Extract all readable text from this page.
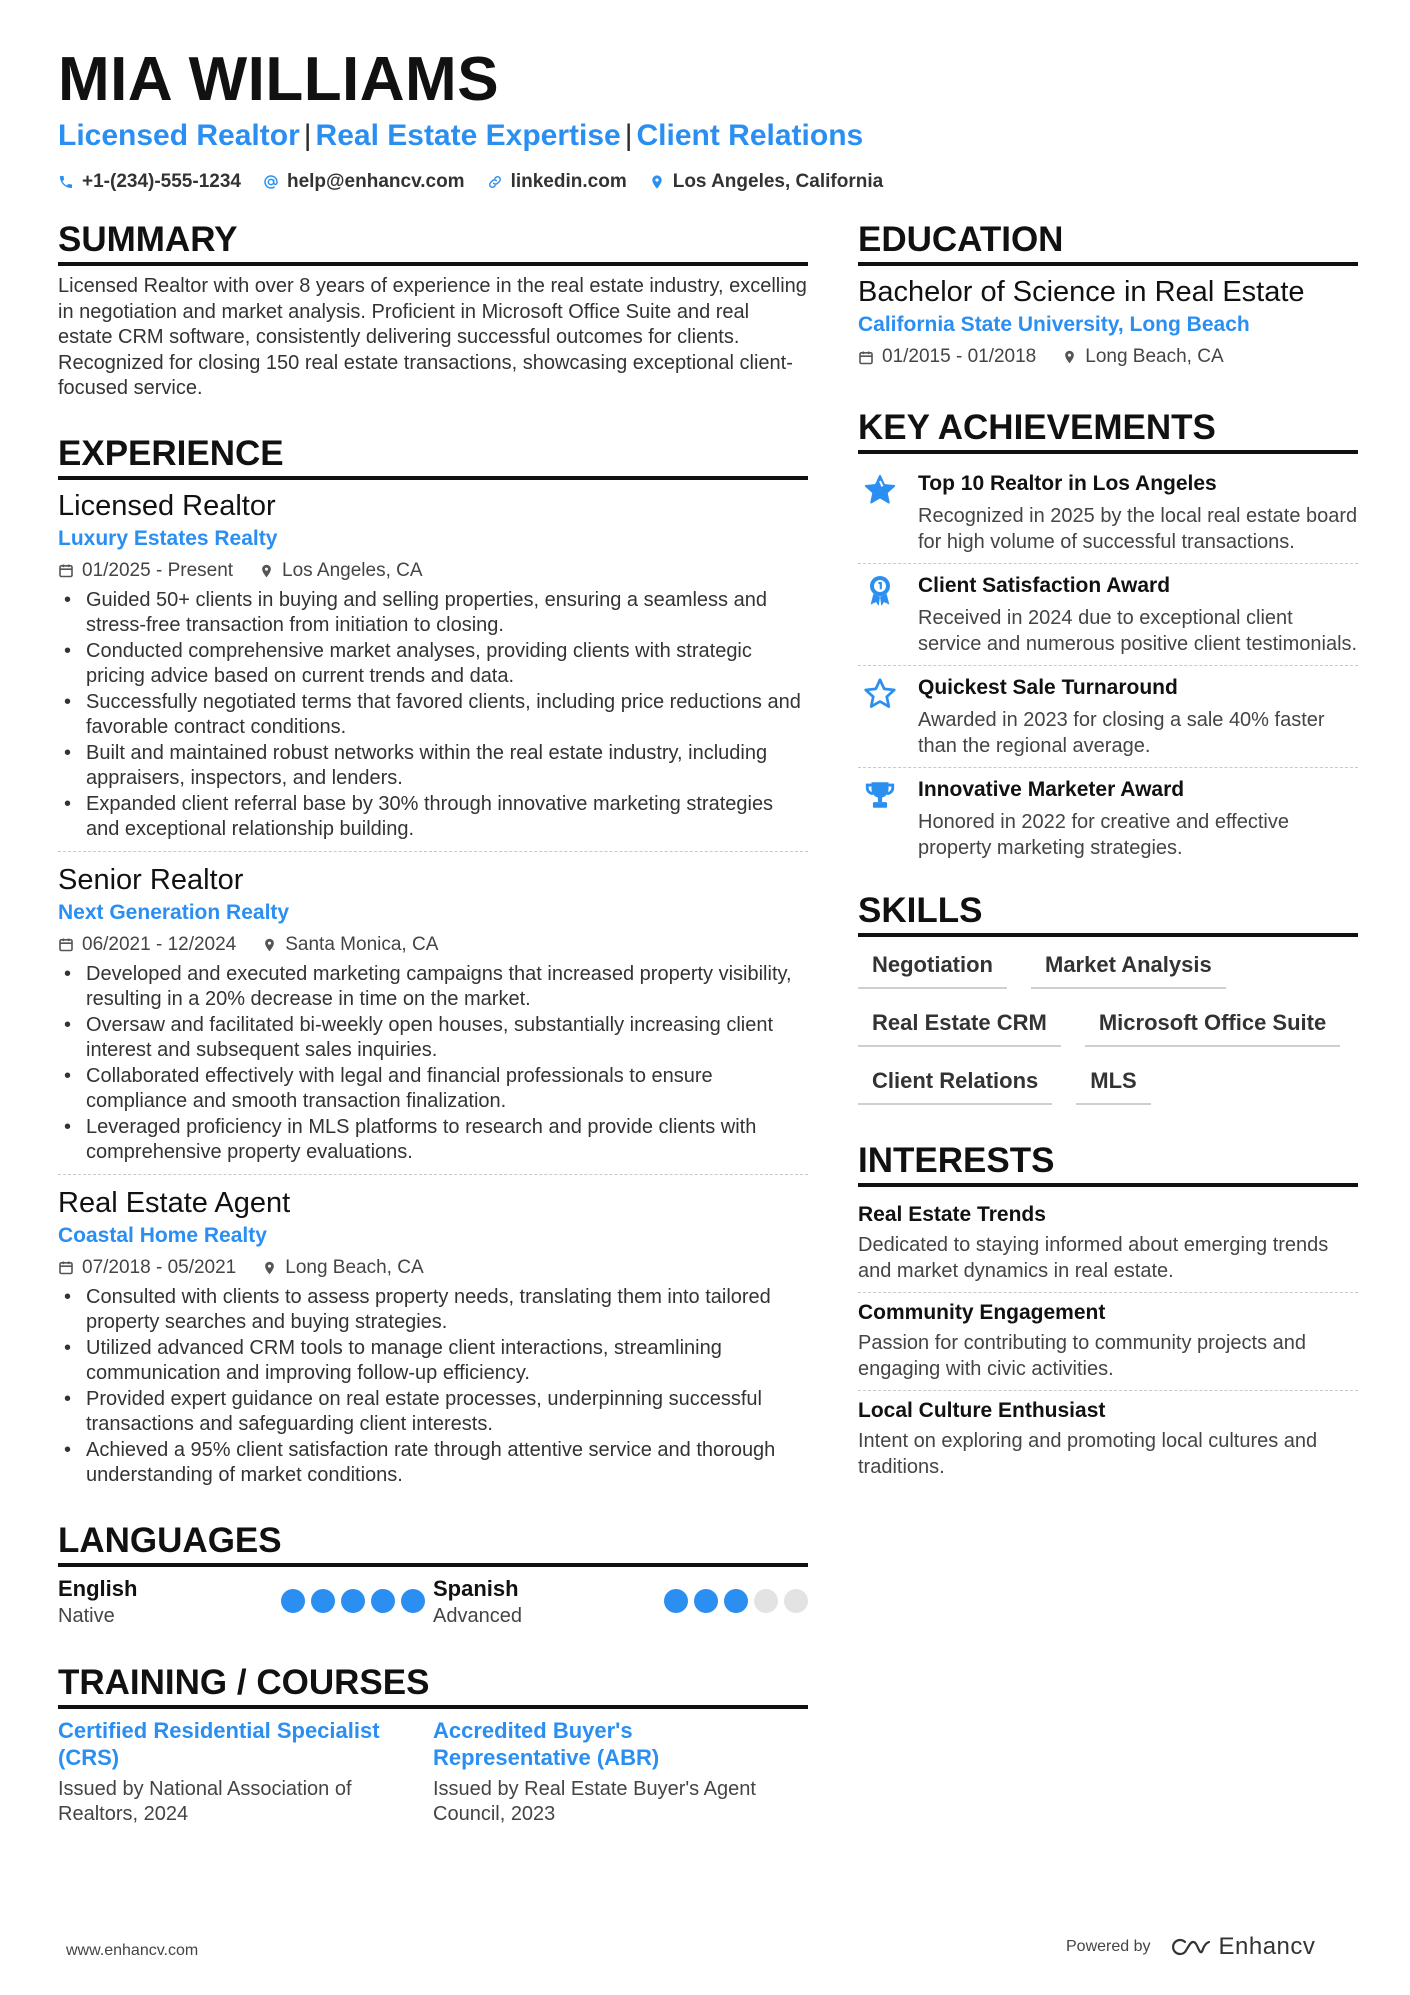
MIA WILLIAMS
Licensed Realtor | Real Estate Expertise | Client Relations
+1-(234)-555-1234 help@enhancv.com linkedin.com Los Angeles, California
SUMMARY

Licensed Realtor with over 8 years of experience in the real estate industry, excelling in negotiation and market analysis. Proficient in Microsoft Office Suite and real estate CRM software, consistently delivering successful outcomes for clients. Recognized for closing 150 real estate transactions, showcasing exceptional client-focused service.

EXPERIENCE
Licensed Realtor
Luxury Estates Realty
01/2025 - Present	Los Angeles, CA
• Guided 50+ clients in buying and selling properties, ensuring a seamless and stress-free transaction from initiation to closing.
• Conducted comprehensive market analyses, providing clients with strategic pricing advice based on current trends and data.
• Successfully negotiated terms that favored clients, including price reductions and favorable contract conditions.
• Built and maintained robust networks within the real estate industry, including appraisers, inspectors, and lenders.
• Expanded client referral base by 30% through innovative marketing strategies and exceptional relationship building.
Senior Realtor
Next Generation Realty
06/2021 - 12/2024	Santa Monica, CA
• Developed and executed marketing campaigns that increased property visibility, resulting in a 20% decrease in time on the market.
• Oversaw and facilitated bi-weekly open houses, substantially increasing client interest and subsequent sales inquiries.
• Collaborated effectively with legal and financial professionals to ensure compliance and smooth transaction finalization.
• Leveraged proficiency in MLS platforms to research and provide clients with comprehensive property evaluations.
Real Estate Agent
Coastal Home Realty
07/2018 - 05/2021	Long Beach, CA
• Consulted with clients to assess property needs, translating them into tailored property searches and buying strategies.
• Utilized advanced CRM tools to manage client interactions, streamlining communication and improving follow-up efficiency.
• Provided expert guidance on real estate processes, underpinning successful transactions and safeguarding client interests.
• Achieved a 95% client satisfaction rate through attentive service and thorough understanding of market conditions.
LANGUAGES
English
Native
Spanish
Advanced
TRAINING / COURSES
Certified Residential Specialist (CRS)
Issued by National Association of Realtors, 2024
Accredited Buyer's Representative (ABR)
Issued by Real Estate Buyer's Agent Council, 2023
EDUCATION
Bachelor of Science in Real Estate
California State University, Long Beach
01/2015 - 01/2018	Long Beach, CA
KEY ACHIEVEMENTS
Top 10 Realtor in Los Angeles
Recognized in 2025 by the local real estate board for high volume of successful transactions.
Client Satisfaction Award
Received in 2024 due to exceptional client service and numerous positive client testimonials.
Quickest Sale Turnaround
Awarded in 2023 for closing a sale 40% faster than the regional average.
Innovative Marketer Award
Honored in 2022 for creative and effective property marketing strategies.
SKILLS
Negotiation	Market Analysis
Real Estate CRM	Microsoft Office Suite
Client Relations	MLS
INTERESTS
Real Estate Trends
Dedicated to staying informed about emerging trends and market dynamics in real estate.
Community Engagement
Passion for contributing to community projects and engaging with civic activities.
Local Culture Enthusiast
Intent on exploring and promoting local cultures and traditions.
www.enhancv.com	Powered by	Enhancv
